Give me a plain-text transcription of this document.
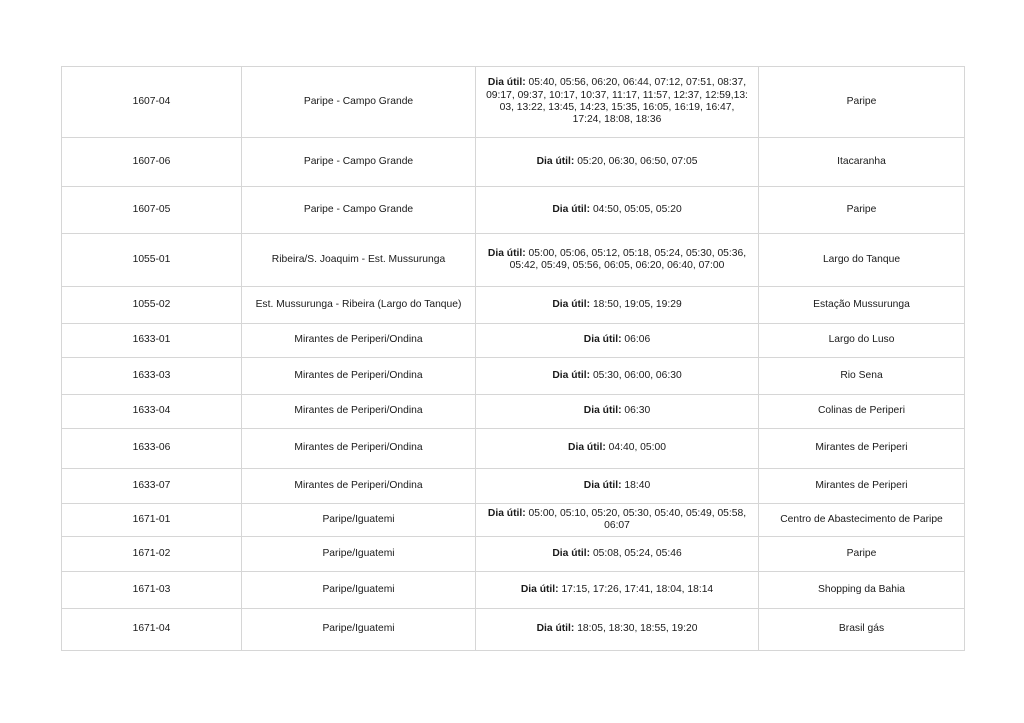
1607-04	Paripe - Campo Grande	Dia útil: 05:40, 05:56, 06:20, 06:44, 07:12, 07:51, 08:37, 09:17, 09:37, 10:17, 10:37, 11:17, 11:57, 12:37, 12:59,13: 03, 13:22, 13:45, 14:23, 15:35, 16:05, 16:19, 16:47, 17:24, 18:08, 18:36	Paripe
1607-06	Paripe - Campo Grande	Dia útil: 05:20, 06:30, 06:50, 07:05	Itacaranha
1607-05	Paripe - Campo Grande	Dia útil: 04:50, 05:05, 05:20	Paripe
1055-01	Ribeira/S. Joaquim - Est. Mussurunga	Dia útil: 05:00, 05:06, 05:12, 05:18, 05:24, 05:30, 05:36, 05:42, 05:49, 05:56, 06:05, 06:20, 06:40, 07:00	Largo do Tanque
1055-02	Est. Mussurunga - Ribeira (Largo do Tanque)	Dia útil: 18:50, 19:05, 19:29	Estação Mussurunga
1633-01	Mirantes de Periperi/Ondina	Dia útil: 06:06	Largo do Luso
1633-03	Mirantes de Periperi/Ondina	Dia útil: 05:30, 06:00, 06:30	Rio Sena
1633-04	Mirantes de Periperi/Ondina	Dia útil: 06:30	Colinas de Periperi
1633-06	Mirantes de Periperi/Ondina	Dia útil: 04:40, 05:00	Mirantes de Periperi
1633-07	Mirantes de Periperi/Ondina	Dia útil: 18:40	Mirantes de Periperi
1671-01	Paripe/Iguatemi	Dia útil: 05:00, 05:10, 05:20, 05:30, 05:40, 05:49, 05:58, 06:07	Centro de Abastecimento de Paripe
1671-02	Paripe/Iguatemi	Dia útil: 05:08, 05:24, 05:46	Paripe
1671-03	Paripe/Iguatemi	Dia útil: 17:15, 17:26, 17:41, 18:04, 18:14	Shopping da Bahia
1671-04	Paripe/Iguatemi	Dia útil: 18:05, 18:30, 18:55, 19:20	Brasil gás
